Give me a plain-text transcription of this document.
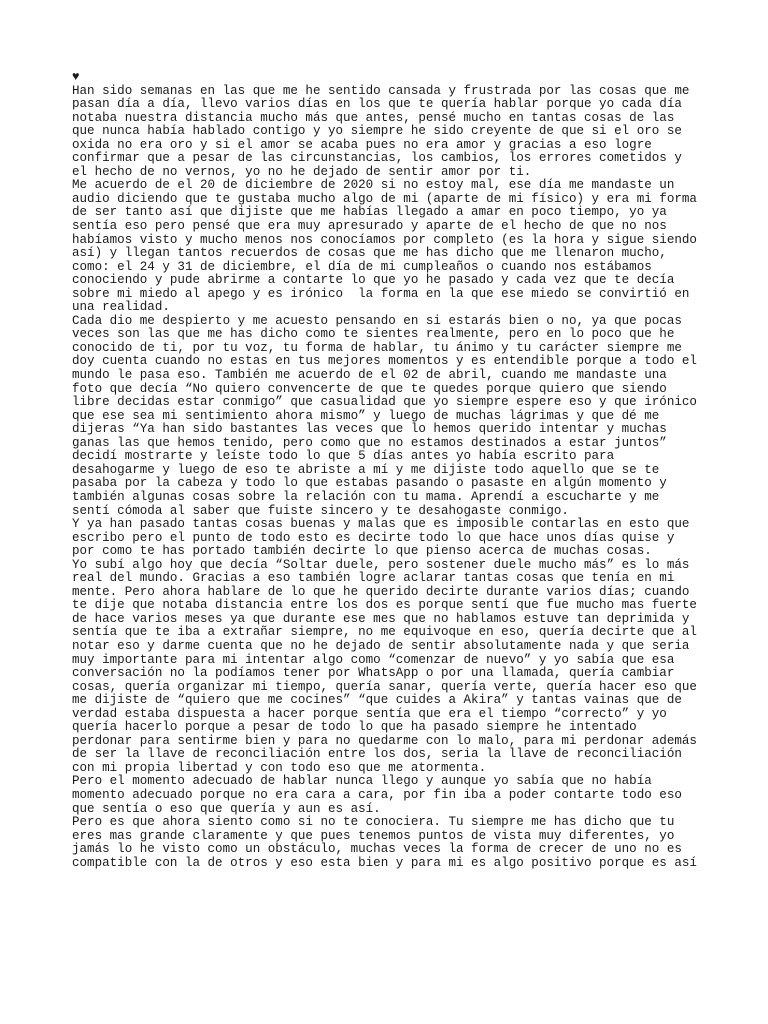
♥
Han sido semanas en las que me he sentido cansada y frustrada por las cosas que me
pasan día a día, llevo varios días en los que te quería hablar porque yo cada día
notaba nuestra distancia mucho más que antes, pensé mucho en tantas cosas de las
que nunca había hablado contigo y yo siempre he sido creyente de que si el oro se
oxida no era oro y si el amor se acaba pues no era amor y gracias a eso logre
confirmar que a pesar de las circunstancias, los cambios, los errores cometidos y
el hecho de no vernos, yo no he dejado de sentir amor por ti.
Me acuerdo de el 20 de diciembre de 2020 si no estoy mal, ese día me mandaste un
audio diciendo que te gustaba mucho algo de mi (aparte de mi físico) y era mi forma
de ser tanto así que dijiste que me habías llegado a amar en poco tiempo, yo ya
sentía eso pero pensé que era muy apresurado y aparte de el hecho de que no nos
habíamos visto y mucho menos nos conocíamos por completo (es la hora y sigue siendo
así) y llegan tantos recuerdos de cosas que me has dicho que me llenaron mucho,
como: el 24 y 31 de diciembre, el día de mi cumpleaños o cuando nos estábamos
conociendo y pude abrirme a contarte lo que yo he pasado y cada vez que te decía
sobre mi miedo al apego y es irónico  la forma en la que ese miedo se convirtió en
una realidad.
Cada dio me despierto y me acuesto pensando en si estarás bien o no, ya que pocas
veces son las que me has dicho como te sientes realmente, pero en lo poco que he
conocido de ti, por tu voz, tu forma de hablar, tu ánimo y tu carácter siempre me
doy cuenta cuando no estas en tus mejores momentos y es entendible porque a todo el
mundo le pasa eso. También me acuerdo de el 02 de abril, cuando me mandaste una
foto que decía “No quiero convencerte de que te quedes porque quiero que siendo
libre decidas estar conmigo” que casualidad que yo siempre espere eso y que irónico
que ese sea mi sentimiento ahora mismo” y luego de muchas lágrimas y que dé me
dijeras “Ya han sido bastantes las veces que lo hemos querido intentar y muchas
ganas las que hemos tenido, pero como que no estamos destinados a estar juntos”
decidí mostrarte y leíste todo lo que 5 días antes yo había escrito para
desahogarme y luego de eso te abriste a mí y me dijiste todo aquello que se te
pasaba por la cabeza y todo lo que estabas pasando o pasaste en algún momento y
también algunas cosas sobre la relación con tu mama. Aprendí a escucharte y me
sentí cómoda al saber que fuiste sincero y te desahogaste conmigo.
Y ya han pasado tantas cosas buenas y malas que es imposible contarlas en esto que
escribo pero el punto de todo esto es decirte todo lo que hace unos días quise y
por como te has portado también decirte lo que pienso acerca de muchas cosas.
Yo subí algo hoy que decía “Soltar duele, pero sostener duele mucho más” es lo más
real del mundo. Gracias a eso también logre aclarar tantas cosas que tenía en mi
mente. Pero ahora hablare de lo que he querido decirte durante varios días; cuando
te dije que notaba distancia entre los dos es porque sentí que fue mucho mas fuerte
de hace varios meses ya que durante ese mes que no hablamos estuve tan deprimida y
sentía que te iba a extrañar siempre, no me equivoque en eso, quería decirte que al
notar eso y darme cuenta que no he dejado de sentir absolutamente nada y que seria
muy importante para mi intentar algo como “comenzar de nuevo” y yo sabía que esa
conversación no la podíamos tener por WhatsApp o por una llamada, quería cambiar
cosas, quería organizar mi tiempo, quería sanar, quería verte, quería hacer eso que
me dijiste de “quiero que me cocines” “que cuides a Akira” y tantas vainas que de
verdad estaba dispuesta a hacer porque sentía que era el tiempo “correcto” y yo
quería hacerlo porque a pesar de todo lo que ha pasado siempre he intentado
perdonar para sentirme bien y para no quedarme con lo malo, para mi perdonar además
de ser la llave de reconciliación entre los dos, seria la llave de reconciliación
con mi propia libertad y con todo eso que me atormenta.
Pero el momento adecuado de hablar nunca llego y aunque yo sabía que no había
momento adecuado porque no era cara a cara, por fin iba a poder contarte todo eso
que sentía o eso que quería y aun es así.
Pero es que ahora siento como si no te conociera. Tu siempre me has dicho que tu
eres mas grande claramente y que pues tenemos puntos de vista muy diferentes, yo
jamás lo he visto como un obstáculo, muchas veces la forma de crecer de uno no es
compatible con la de otros y eso esta bien y para mi es algo positivo porque es así
